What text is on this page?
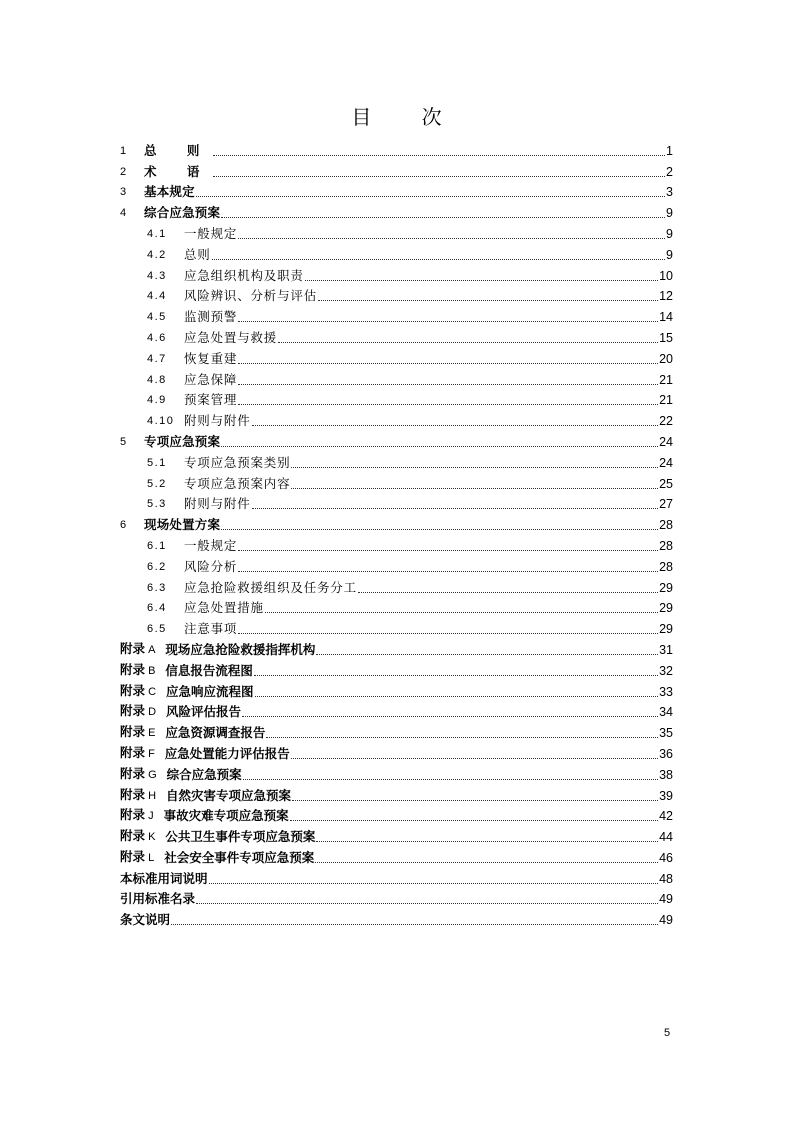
目 次
1	总 则	1
2	术 语	2
3	基本规定	3
4	综合应急预案	9
4.1	一般规定	9
4.2	总则	9
4.3	应急组织机构及职责	10
4.4	风险辨识、分析与评估	12
4.5	监测预警	14
4.6	应急处置与救援	15
4.7	恢复重建	20
4.8	应急保障	21
4.9	预案管理	21
4.10 附则与附件	22
5	专项应急预案	24
5.1	专项应急预案类别	24
5.2	专项应急预案内容	25
5.3	附则与附件	27
6	现场处置方案	28
6.1	一般规定	28
6.2	风险分析	28
6.3	应急抢险救援组织及任务分工	29
6.4	应急处置措施	29
6.5	注意事项	29
附录 A 现场应急抢险救援指挥机构	31
附录 B 信息报告流程图	32
附录 C 应急响应流程图	33
附录 D 风险评估报告	34
附录 E 应急资源调查报告	35
附录 F 应急处置能力评估报告	36
附录 G 综合应急预案	38
附录 H 自然灾害专项应急预案	39
附录 J 事故灾难专项应急预案	42
附录 K 公共卫生事件专项应急预案	44
附录 L 社会安全事件专项应急预案	46
本标准用词说明	48
引用标准名录	49
条文说明	49
5
